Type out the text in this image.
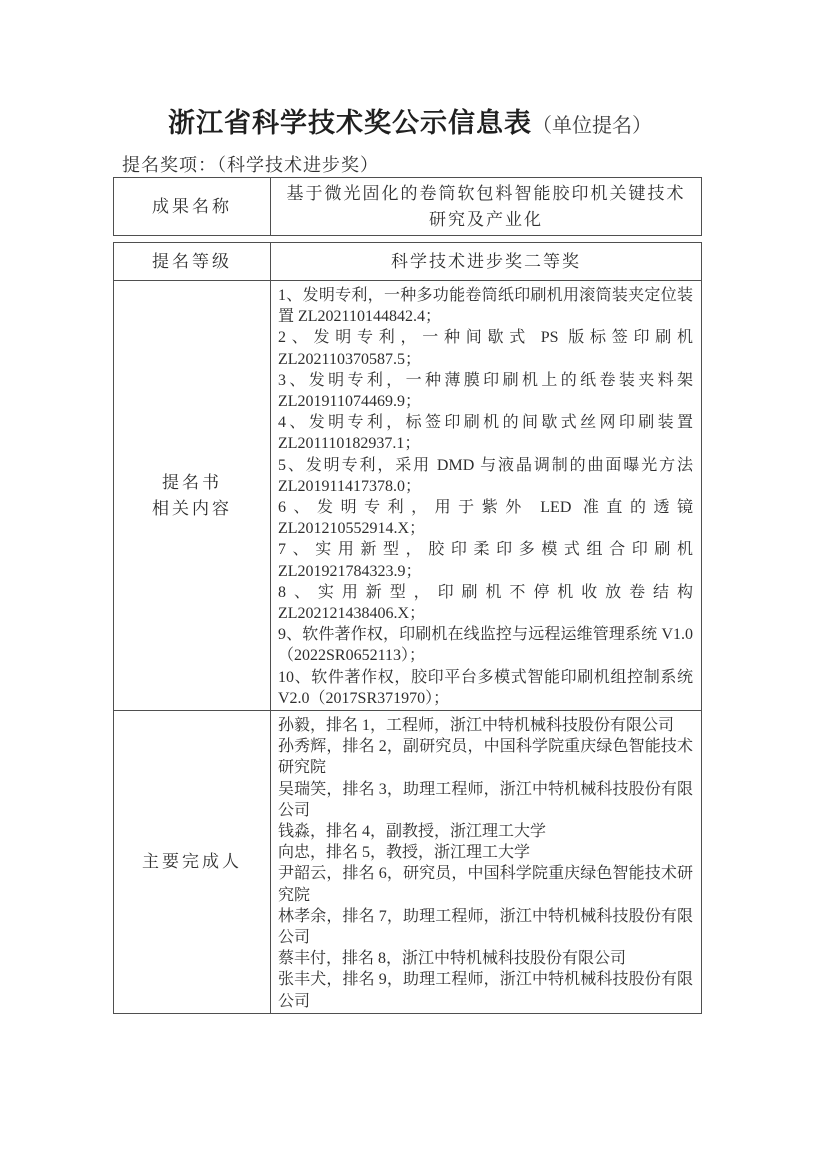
浙江省科学技术奖公示信息表（单位提名）
提名奖项：（科学技术进步奖）
成果名称
基于微光固化的卷筒软包料智能胶印机关键技术研究及产业化
提名等级	科学技术进步奖二等奖
提名书
相关内容

1、发明专利，一种多功能卷筒纸印刷机用滚筒装夹定位装置 ZL202110144842.4；

2、发明专利，一种间歇式 PS 版标签印刷机 ZL202110370587.5；

3、发明专利，一种薄膜印刷机上的纸卷装夹料架 ZL201911074469.9；

4、发明专利，标签印刷机的间歇式丝网印刷装置 ZL201110182937.1；

5、发明专利，采用 DMD 与液晶调制的曲面曝光方法 ZL201911417378.0；

6、发明专利，用于紫外 LED 准直的透镜 ZL201210552914.X；

7、实用新型，胶印柔印多模式组合印刷机 ZL201921784323.9；

8、实用新型，印刷机不停机收放卷结构 ZL202121438406.X；

9、软件著作权，印刷机在线监控与远程运维管理系统 V1.0（2022SR0652113）；

10、软件著作权，胶印平台多模式智能印刷机组控制系统 V2.0（2017SR371970）；

主要完成人

孙毅，排名 1，工程师，浙江中特机械科技股份有限公司

孙秀辉，排名 2，副研究员，中国科学院重庆绿色智能技术研究院

吴瑞笑，排名 3，助理工程师，浙江中特机械科技股份有限公司

钱淼，排名 4，副教授，浙江理工大学

向忠，排名 5，教授，浙江理工大学

尹韶云，排名 6，研究员，中国科学院重庆绿色智能技术研究院

林孝余，排名 7，助理工程师，浙江中特机械科技股份有限公司

蔡丰付，排名 8，浙江中特机械科技股份有限公司

张丰犬，排名 9，助理工程师，浙江中特机械科技股份有限公司
